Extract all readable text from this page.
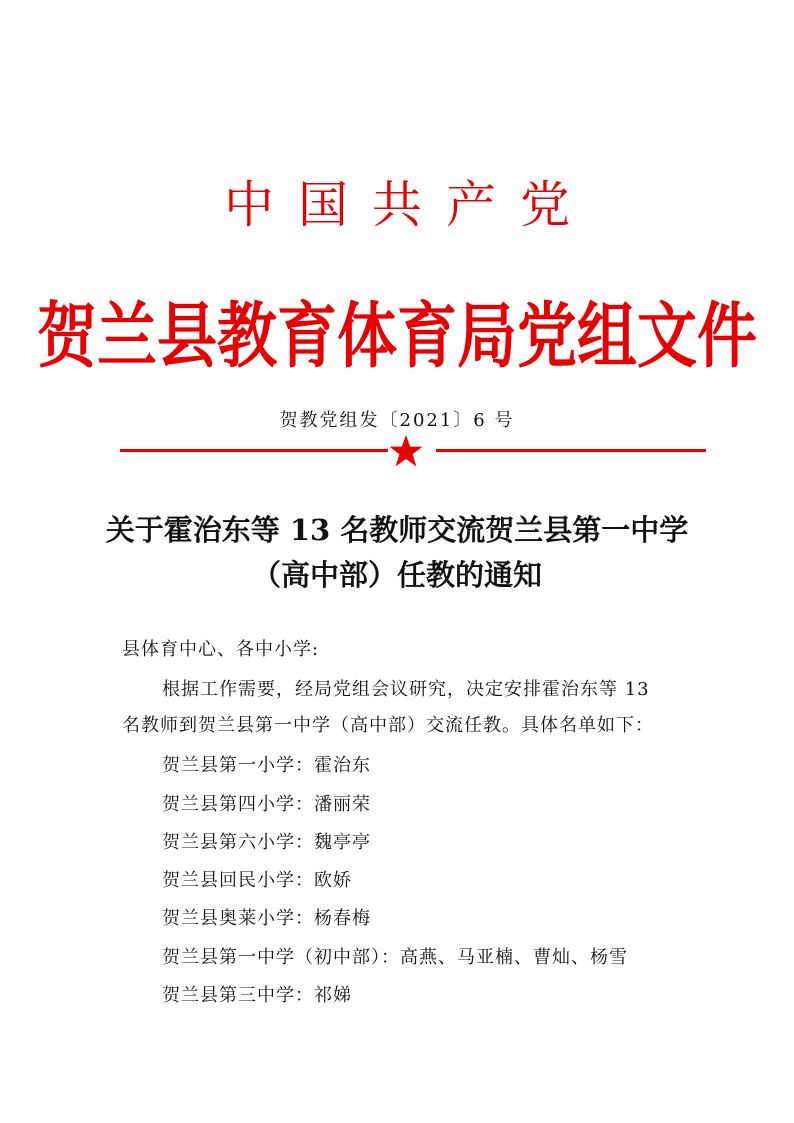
中国共产党
贺兰县教育体育局党组文件
贺教党组发〔2021〕6 号
关于霍治东等 13 名教师交流贺兰县第一中学
（高中部）任教的通知
县体育中心、各中小学:
根据工作需要，经局党组会议研究，决定安排霍治东等 13
名教师到贺兰县第一中学（高中部）交流任教。具体名单如下：
贺兰县第一小学：霍治东
贺兰县第四小学：潘丽荣
贺兰县第六小学：魏亭亭
贺兰县回民小学：欧娇
贺兰县奥莱小学：杨春梅
贺兰县第一中学（初中部）：高燕、马亚楠、曹灿、杨雪
贺兰县第三中学：祁娣
